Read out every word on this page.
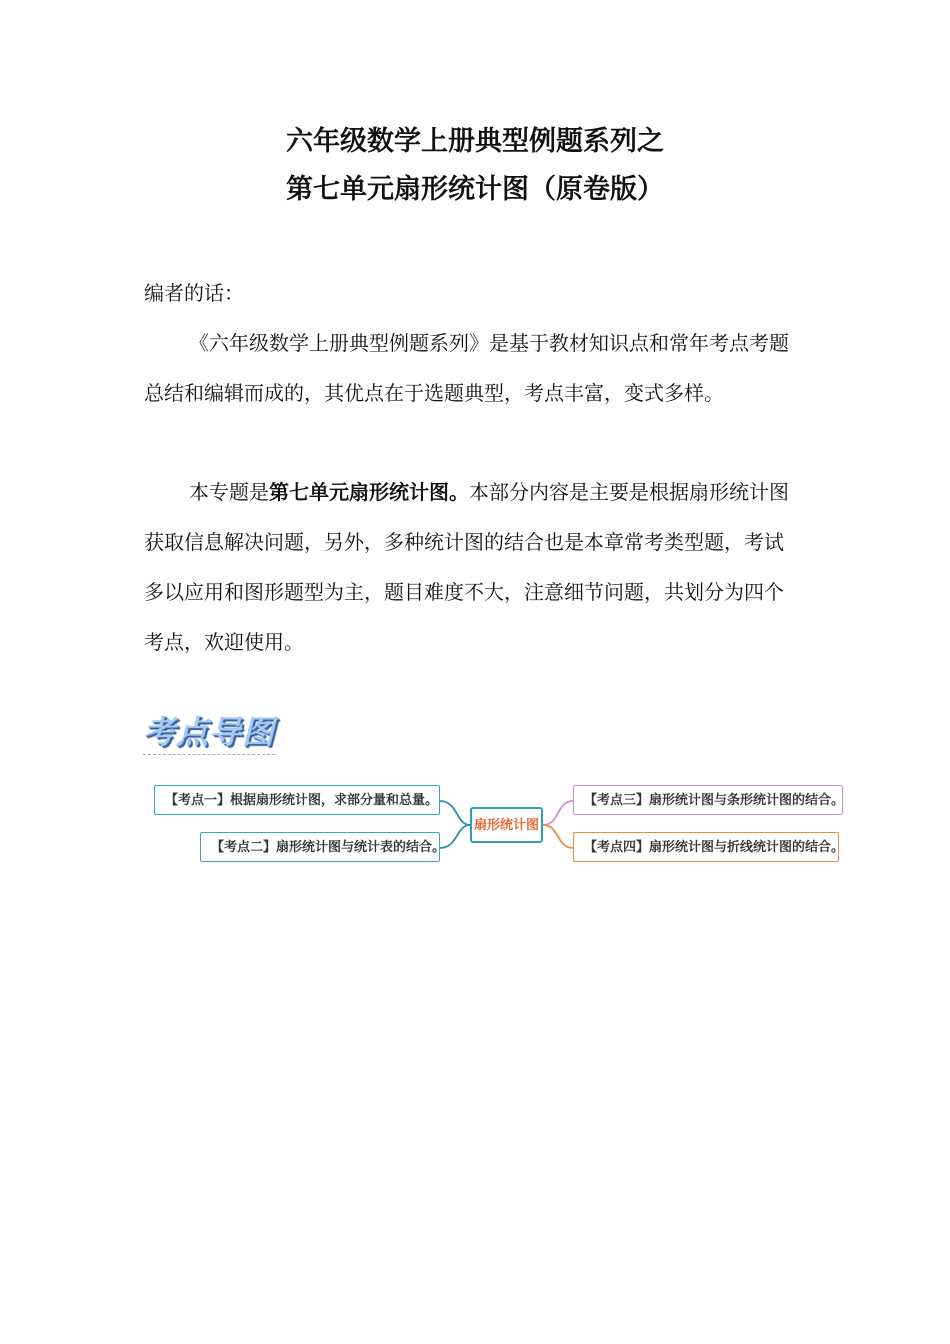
六年级数学上册典型例题系列之
第七单元扇形统计图（原卷版）

编者的话：

《六年级数学上册典型例题系列》是基于教材知识点和常年考点考题总结和编辑而成的，其优点在于选题典型，考点丰富，变式多样。

本专题是第七单元扇形统计图。本部分内容是主要是根据扇形统计图获取信息解决问题，另外，多种统计图的结合也是本章常考类型题，考试多以应用和图形题型为主，题目难度不大，注意细节问题，共划分为四个考点，欢迎使用。

考点导图
【考点一】根据扇形统计图，求部分量和总量。
【考点二】扇形统计图与统计表的结合。
扇形统计图
【考点三】扇形统计图与条形统计图的结合。
【考点四】扇形统计图与折线统计图的结合。
